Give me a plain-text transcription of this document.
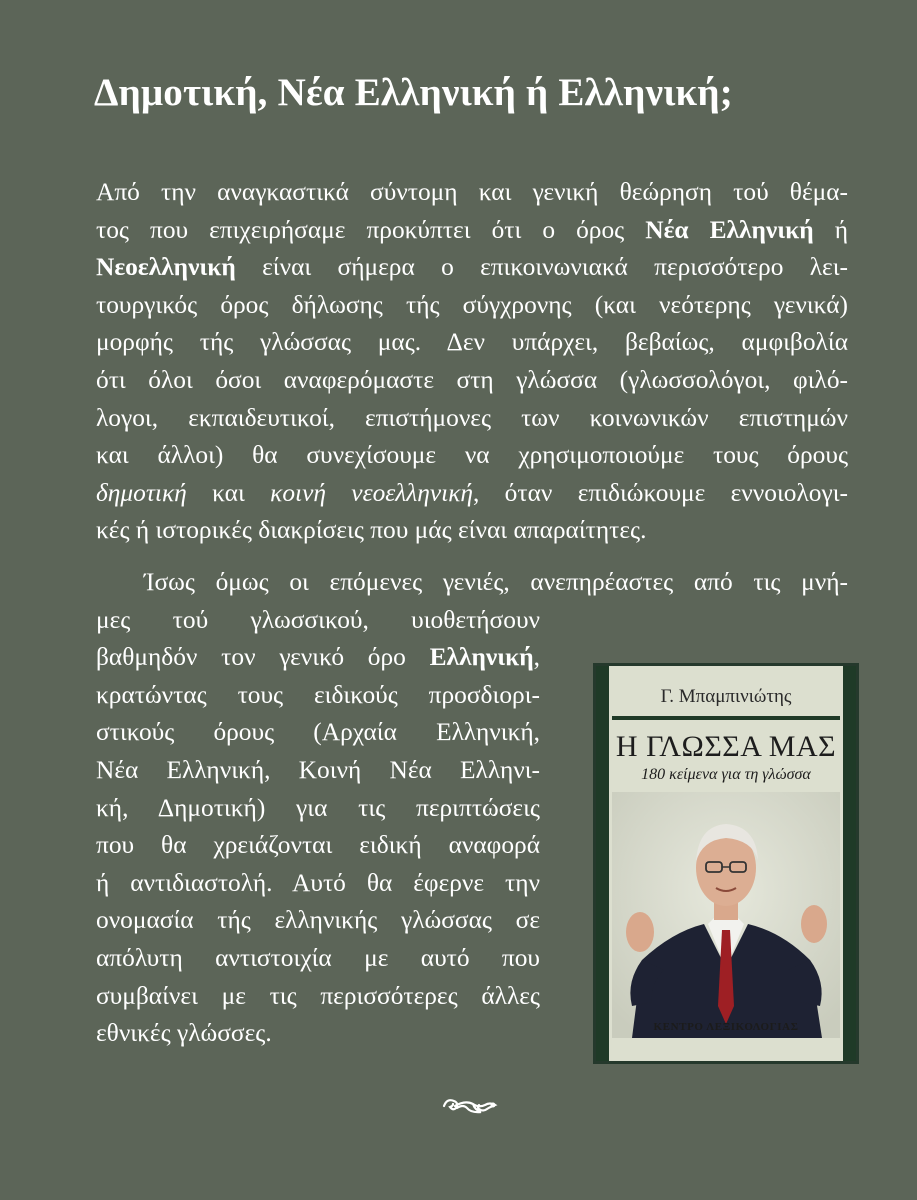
Δημοτική, Νέα Ελληνική ή Ελληνική;
Από την αναγκαστικά σύντομη και γενική θεώρηση τού θέμα-
τος που επιχειρήσαμε προκύπτει ότι ο όρος Νέα Ελληνική ή
Νεοελληνική είναι σήμερα ο επικοινωνιακά περισσότερο λει-
τουργικός όρος δήλωσης τής σύγχρονης (και νεότερης γενικά)
μορφής τής γλώσσας μας. Δεν υπάρχει, βεβαίως, αμφιβολία
ότι όλοι όσοι αναφερόμαστε στη γλώσσα (γλωσσολόγοι, φιλό-
λογοι, εκπαιδευτικοί, επιστήμονες των κοινωνικών επιστημών
και άλλοι) θα συνεχίσουμε να χρησιμοποιούμε τους όρους
δημοτική και κοινή νεοελληνική, όταν επιδιώκουμε εννοιολογι-
κές ή ιστορικές διακρίσεις που μάς είναι απαραίτητες.
Ίσως όμως οι επόμενες γενιές, ανεπηρέαστες από τις μνή-
μες τού γλωσσικού, υιοθετήσουν
βαθμηδόν τον γενικό όρο Ελληνική,
κρατώντας τους ειδικούς προσδιορι-
στικούς όρους (Αρχαία Ελληνική,
Νέα Ελληνική, Κοινή Νέα Ελληνι-
κή, Δημοτική) για τις περιπτώσεις
που θα χρειάζονται ειδική αναφορά
ή αντιδιαστολή. Αυτό θα έφερνε την
ονομασία τής ελληνικής γλώσσας σε
απόλυτη αντιστοιχία με αυτό που
συμβαίνει με τις περισσότερες άλλες
εθνικές γλώσσες.
Γ. Μπαμπινιώτης
Η ΓΛΩΣΣΑ ΜΑΣ
180 κείμενα για τη γλώσσα
ΚΕΝΤΡΟ ΛΕΞΙΚΟΛΟΓΙΑΣ
